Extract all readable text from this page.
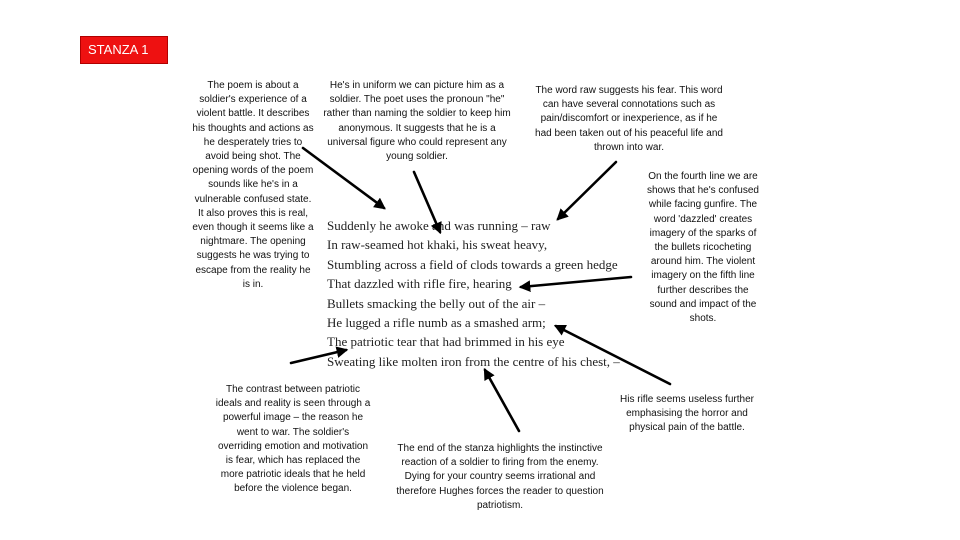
STANZA 1
The poem is about a soldier's experience of a violent battle. It describes his thoughts and actions as he desperately tries to avoid being shot. The opening words of the poem sounds like he's in a vulnerable confused state. It also proves this is real, even though it seems like a nightmare. The opening suggests he was trying to escape from the reality he is in.
He's in uniform we can picture him as a soldier. The poet uses the pronoun "he" rather than naming the soldier to keep him anonymous. It suggests that he is a universal figure who could represent any young soldier.
The word raw suggests his fear. This word can have several connotations such as pain/discomfort or inexperience, as if he had been taken out of his peaceful life and thrown into war.
On the fourth line we are shows that he's confused while facing gunfire. The word 'dazzled' creates imagery of the sparks of the bullets ricocheting around him. The violent imagery on the fifth line further describes the sound and impact of the shots.
The contrast between patriotic ideals and reality is seen through a powerful image – the reason he went to war. The soldier's overriding emotion and motivation is fear, which has replaced the more patriotic ideals that he held before the violence began.
The end of the stanza highlights the instinctive reaction of a soldier to firing from the enemy. Dying for your country seems irrational and therefore Hughes forces the reader to question patriotism.
His rifle seems useless further emphasising the horror and physical pain of the battle.
Suddenly he awoke and was running – raw
In raw-seamed hot khaki, his sweat heavy,
Stumbling across a field of clods towards a green hedge
That dazzled with rifle fire, hearing
Bullets smacking the belly out of the air –
He lugged a rifle numb as a smashed arm;
The patriotic tear that had brimmed in his eye
Sweating like molten iron from the centre of his chest, –
